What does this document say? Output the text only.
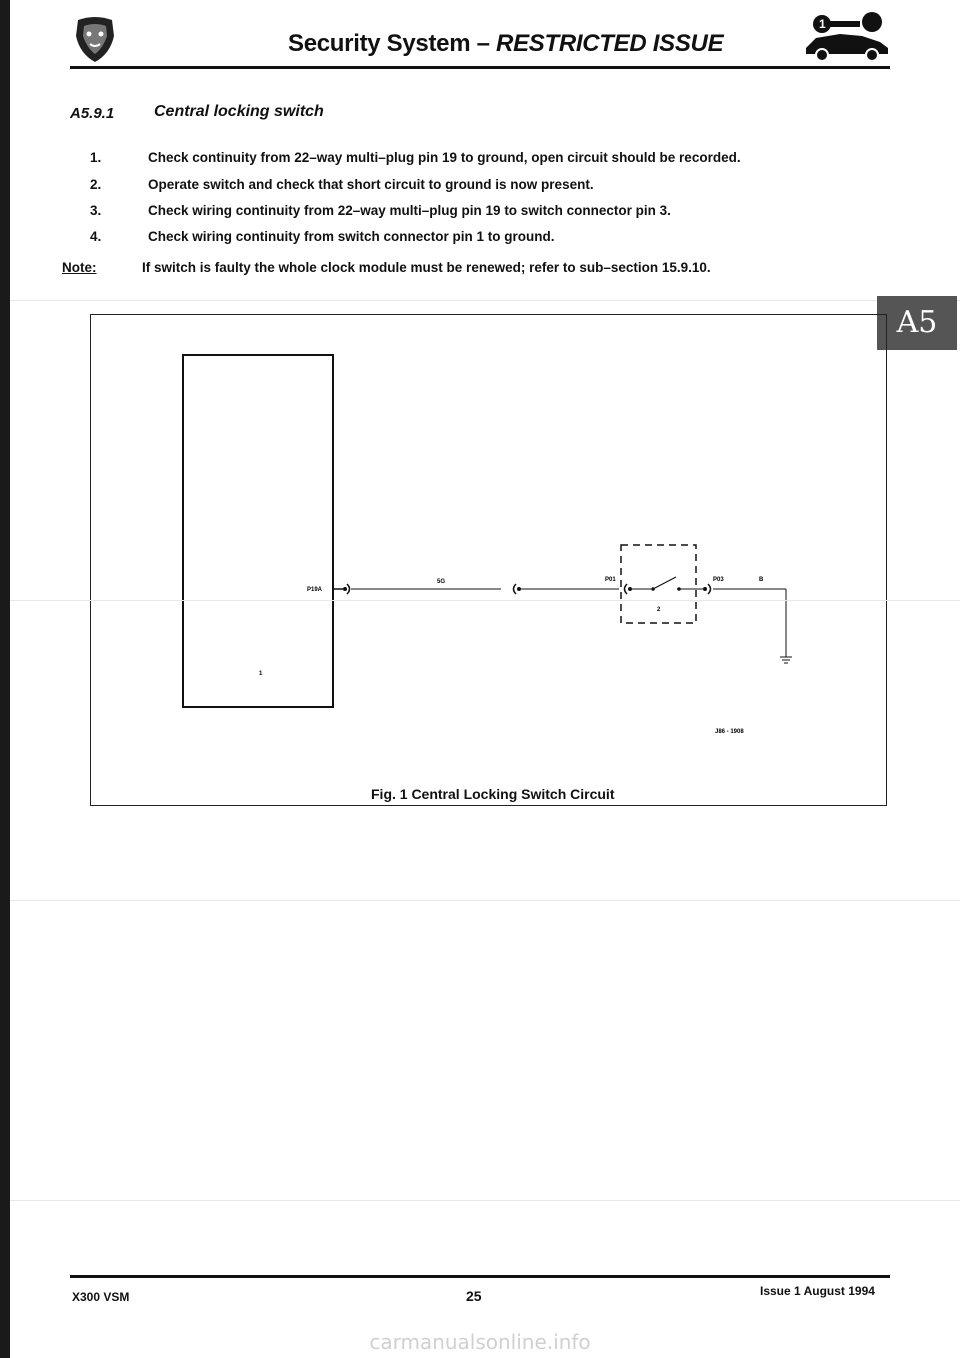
Security System – RESTRICTED ISSUE
1
A5.9.1 Central locking switch
1.	Check continuity from 22–way multi–plug pin 19 to ground, open circuit should be recorded.
2.	Operate switch and check that short circuit to ground is now present.
3.	Check wiring continuity from 22–way multi–plug pin 19 to switch connector pin 3.
4.	Check wiring continuity from switch connector pin 1 to ground.
Note:	If switch is faulty the whole clock module must be renewed; refer to sub–section 15.9.10.
A5
1
P19A
5G	P01
2
P03	B
J86 - 1908
Fig. 1 Central Locking Switch Circuit
X300 VSM	25	Issue 1 August 1994
carmanualsonline.info
